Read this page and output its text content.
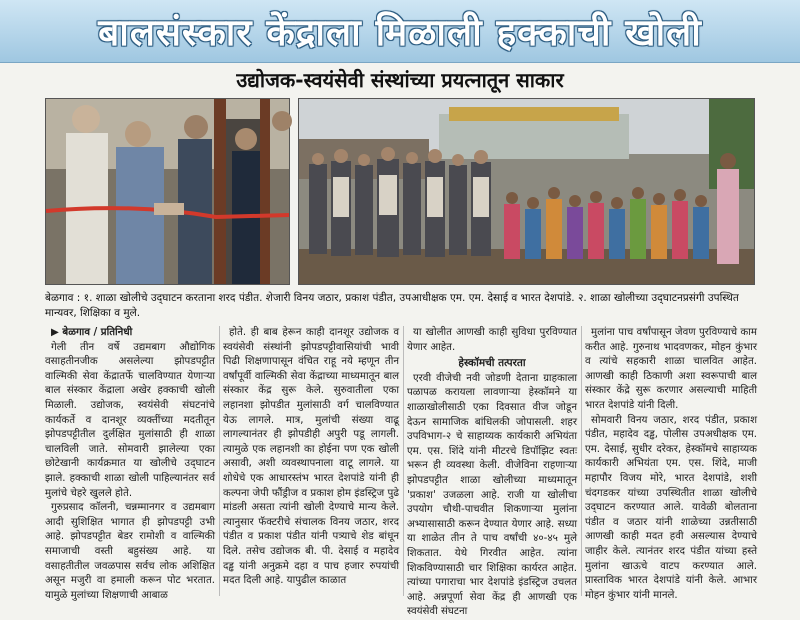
बालसंस्कार केंद्राला मिळाली हक्काची खोली
उद्योजक-स्वयंसेवी संस्थांच्या प्रयत्नातून साकार
बेळगाव : १. शाळा खोलीचे उद्‌घाटन करताना शरद पंडीत. शेजारी विनय जठार, प्रकाश पंडीत, उपआधीक्षक एम. एम. देसाई व भारत देशपांडे. २. शाळा खोलीच्या उद्‌घाटनप्रसंगी उपस्थित मान्यवर, शिक्षिका व मुले.

▶ बेळगाव / प्रतिनिधी

गेली तीन वर्षे उद्यमबाग औद्योगिक वसाहतीनजीक असलेल्या झोपडपट्टीत वाल्मिकी सेवा केंद्रातर्फे चालविण्यात येणाऱ्या बाल संस्कार केंद्राला अखेर हक्काची खोली मिळाली. उद्योजक, स्वयंसेवी संघटनांचे कार्यकर्ते व दानशूर व्यक्तींच्या मदतीतून झोपडपट्टीतील दुर्लक्षित मुलांसाठी ही शाळा चालविली जाते. सोमवारी झालेल्या एका छोटेखानी कार्यक्रमात या खोलीचे उद्‌घाटन झाले. हक्काची शाळा खोली पाहिल्यानंतर सर्व मुलांचे चेहरे खुलले होते.

गुरुप्रसाद कॉलनी, चन्नम्मानगर व उद्यमबाग आदी सुशिक्षित भागात ही झोपडपट्टी उभी आहे. झोपडपट्टीत बेडर रामोशी व वाल्मिकी समाजाची वस्ती बहुसंख्य आहे. या वसाहतीतील जवळपास सर्वच लोक अशिक्षित असून मजुरी वा हमाली करून पोट भरतात. यामुळे मुलांच्या शिक्षणाची आबाळ

होते. ही बाब हेरून काही दानशूर उद्योजक व स्वयंसेवी संस्थांनी झोपडपट्टीवासियांची भावी पिढी शिक्षणापासून वंचित राहू नये म्हणून तीन वर्षांपूर्वी वाल्मिकी सेवा केंद्राच्या माध्यमातून बाल संस्कार केंद्र सुरू केले. सुरुवातीला एका लहानशा झोपडीत मुलांसाठी वर्ग चालविण्यात येऊ लागले. मात्र, मुलांची संख्या वाढू लागल्यानंतर ही झोपडीही अपुरी पडू लागली. त्यामुळे एक लहानशी का होईना पण एक खोली असावी, अशी व्यवस्थापनाला वाटू लागले. या शोधेचे एक आधारस्तंभ भारत देशपांडे यांनी ही कल्पना जेपी फौंड्रीज व प्रकाश होम इंडस्ट्रिज पुढे मांडली असता त्यांनी खोली देण्याचे मान्य केले. त्यानुसार फॅक्टरीचे संचालक विनय जठार, शरद पंडीत व प्रकाश पंडीत यांनी पत्र्याचे शेड बांधून दिले. तसेच उद्योजक बी. पी. देसाई व महादेव दड्ढ यांनी अनुक्रमे दहा व पाच हजार रुपयांची मदत दिली आहे. यापुढील काळात

या खोलीत आणखी काही सुविधा पुरविण्यात येणार आहेत.

हेस्कॉमची तत्परता

एरवी वीजेची नवी जोडणी देताना ग्राहकाला पळापळ करायला लावणाऱ्या हेस्कॉमने या शाळाखोलीसाठी एका दिवसात वीज जोडून देऊन सामाजिक बांधिलकी जोपासली. शहर उपविभाग-२ चे साहाय्यक कार्यकारी अभियंता एम. एस. शिंदे यांनी मीटरचे डिपॉझिट स्वतः भरून ही व्यवस्था केली. वीजेविना राहणाऱ्या झोपडपट्टीत शाळा खोलीच्या माध्यमातून 'प्रकाश' उजळला आहे. राजी या खोलीचा उपयोग चौथी-पाचवीत शिकणाऱ्या मुलांना अभ्यासासाठी करून देण्यात येणार आहे. सध्या या शाळेत तीन ते पाच वर्षांची ४०-४५ मुले शिकतात. येथे गिरवीत आहेत. त्यांना शिकविण्यासाठी चार शिक्षिका कार्यरत आहेत. त्यांच्या पगाराचा भार देशपांडे इंडस्ट्रिज उचलत आहे. अन्नपूर्णा सेवा केंद्र ही आणखी एक स्वयंसेवी संघटना

मुलांना पाच वर्षांपासून जेवण पुरविण्याचे काम करीत आहे. गुरुनाथ भादवणकर, मोहन कुंभार व त्यांचे सहकारी शाळा चालवित आहेत. आणखी काही ठिकाणी अशा स्वरूपाची बाल संस्कार केंद्रे सुरू करणार असल्याची माहिती भारत देशपांडे यांनी दिली.

सोमवारी विनय जठार, शरद पंडीत, प्रकाश पंडीत, महादेव दड्ढ, पोलीस उपअधीक्षक एम. एम. देसाई, सुधीर दरेकर, हेस्कॉमचे साहाय्यक कार्यकारी अभियंता एम. एस. शिंदे, माजी महापौर विजय मोरे, भारत देशपांडे, शशी चंदगडकर यांच्या उपस्थितीत शाळा खोलीचे उद्‌घाटन करण्यात आले. यावेळी बोलताना पंडीत व जठार यांनी शाळेच्या उन्नतीसाठी आणखी काही मदत हवी असल्यास देण्याचे जाहीर केले. त्यानंतर शरद पंडीत यांच्या हस्ते मुलांना खाऊचे वाटप करण्यात आले. प्रास्ताविक भारत देशपांडे यांनी केले. आभार मोहन कुंभार यांनी मानले.
